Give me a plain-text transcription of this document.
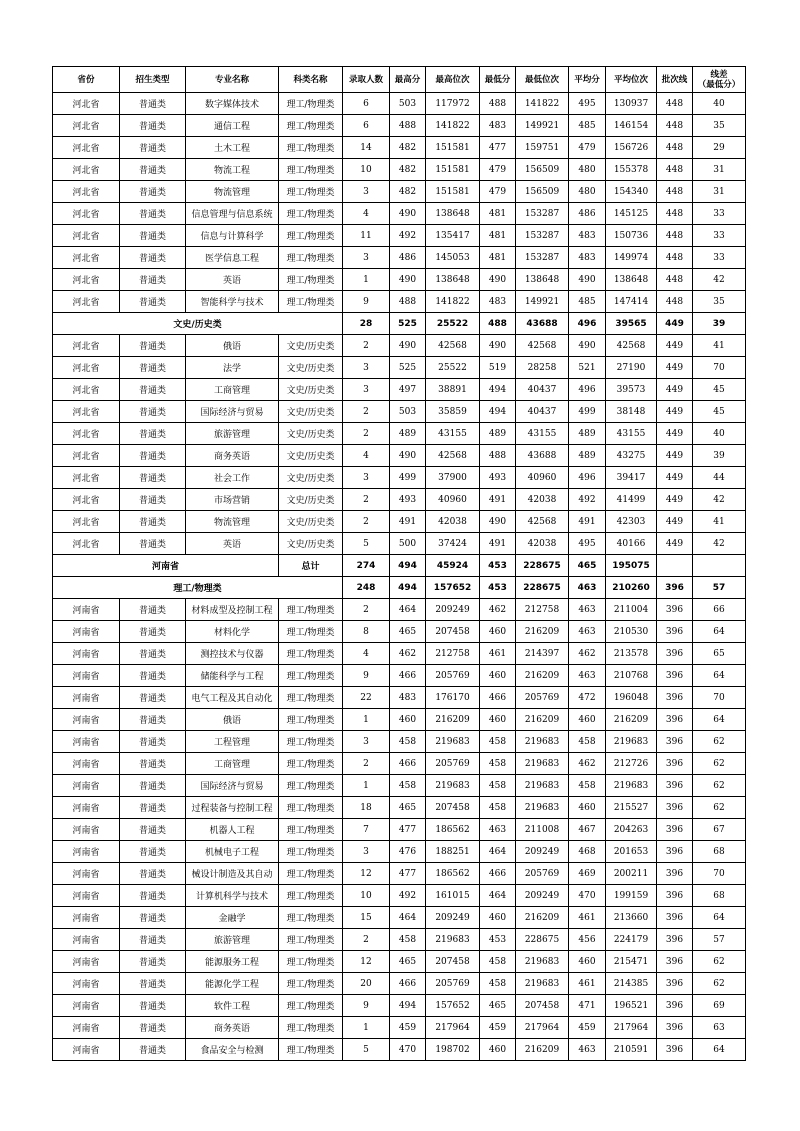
省份	招生类型	专业名称	科类名称	录取人数	最高分	最高位次	最低分	最低位次	平均分	平均位次	批次线	线差
（最低分）
河北省	普通类	数字媒体技术	理工/物理类	6	503	117972	488	141822	495	130937	448	40
河北省	普通类	通信工程	理工/物理类	6	488	141822	483	149921	485	146154	448	35
河北省	普通类	土木工程	理工/物理类	14	482	151581	477	159751	479	156726	448	29
河北省	普通类	物流工程	理工/物理类	10	482	151581	479	156509	480	155378	448	31
河北省	普通类	物流管理	理工/物理类	3	482	151581	479	156509	480	154340	448	31
河北省	普通类	信息管理与信息系统	理工/物理类	4	490	138648	481	153287	486	145125	448	33
河北省	普通类	信息与计算科学	理工/物理类	11	492	135417	481	153287	483	150736	448	33
河北省	普通类	医学信息工程	理工/物理类	3	486	145053	481	153287	483	149974	448	33
河北省	普通类	英语	理工/物理类	1	490	138648	490	138648	490	138648	448	42
河北省	普通类	智能科学与技术	理工/物理类	9	488	141822	483	149921	485	147414	448	35
文史/历史类				28	525	25522	488	43688	496	39565	449	39
河北省	普通类	俄语	文史/历史类	2	490	42568	490	42568	490	42568	449	41
河北省	普通类	法学	文史/历史类	3	525	25522	519	28258	521	27190	449	70
河北省	普通类	工商管理	文史/历史类	3	497	38891	494	40437	496	39573	449	45
河北省	普通类	国际经济与贸易	文史/历史类	2	503	35859	494	40437	499	38148	449	45
河北省	普通类	旅游管理	文史/历史类	2	489	43155	489	43155	489	43155	449	40
河北省	普通类	商务英语	文史/历史类	4	490	42568	488	43688	489	43275	449	39
河北省	普通类	社会工作	文史/历史类	3	499	37900	493	40960	496	39417	449	44
河北省	普通类	市场营销	文史/历史类	2	493	40960	491	42038	492	41499	449	42
河北省	普通类	物流管理	文史/历史类	2	491	42038	490	42568	491	42303	449	41
河北省	普通类	英语	文史/历史类	5	500	37424	491	42038	495	40166	449	42
河南省			总计	274	494	45924	453	228675	465	195075		
理工/物理类				248	494	157652	453	228675	463	210260	396	57
河南省	普通类	材料成型及控制工程	理工/物理类	2	464	209249	462	212758	463	211004	396	66
河南省	普通类	材料化学	理工/物理类	8	465	207458	460	216209	463	210530	396	64
河南省	普通类	测控技术与仪器	理工/物理类	4	462	212758	461	214397	462	213578	396	65
河南省	普通类	储能科学与工程	理工/物理类	9	466	205769	460	216209	463	210768	396	64
河南省	普通类	电气工程及其自动化	理工/物理类	22	483	176170	466	205769	472	196048	396	70
河南省	普通类	俄语	理工/物理类	1	460	216209	460	216209	460	216209	396	64
河南省	普通类	工程管理	理工/物理类	3	458	219683	458	219683	458	219683	396	62
河南省	普通类	工商管理	理工/物理类	2	466	205769	458	219683	462	212726	396	62
河南省	普通类	国际经济与贸易	理工/物理类	1	458	219683	458	219683	458	219683	396	62
河南省	普通类	过程装备与控制工程	理工/物理类	18	465	207458	458	219683	460	215527	396	62
河南省	普通类	机器人工程	理工/物理类	7	477	186562	463	211008	467	204263	396	67
河南省	普通类	机械电子工程	理工/物理类	3	476	188251	464	209249	468	201653	396	68
河南省	普通类	械设计制造及其自动	理工/物理类	12	477	186562	466	205769	469	200211	396	70
河南省	普通类	计算机科学与技术	理工/物理类	10	492	161015	464	209249	470	199159	396	68
河南省	普通类	金融学	理工/物理类	15	464	209249	460	216209	461	213660	396	64
河南省	普通类	旅游管理	理工/物理类	2	458	219683	453	228675	456	224179	396	57
河南省	普通类	能源服务工程	理工/物理类	12	465	207458	458	219683	460	215471	396	62
河南省	普通类	能源化学工程	理工/物理类	20	466	205769	458	219683	461	214385	396	62
河南省	普通类	软件工程	理工/物理类	9	494	157652	465	207458	471	196521	396	69
河南省	普通类	商务英语	理工/物理类	1	459	217964	459	217964	459	217964	396	63
河南省	普通类	食品安全与检测	理工/物理类	5	470	198702	460	216209	463	210591	396	64
